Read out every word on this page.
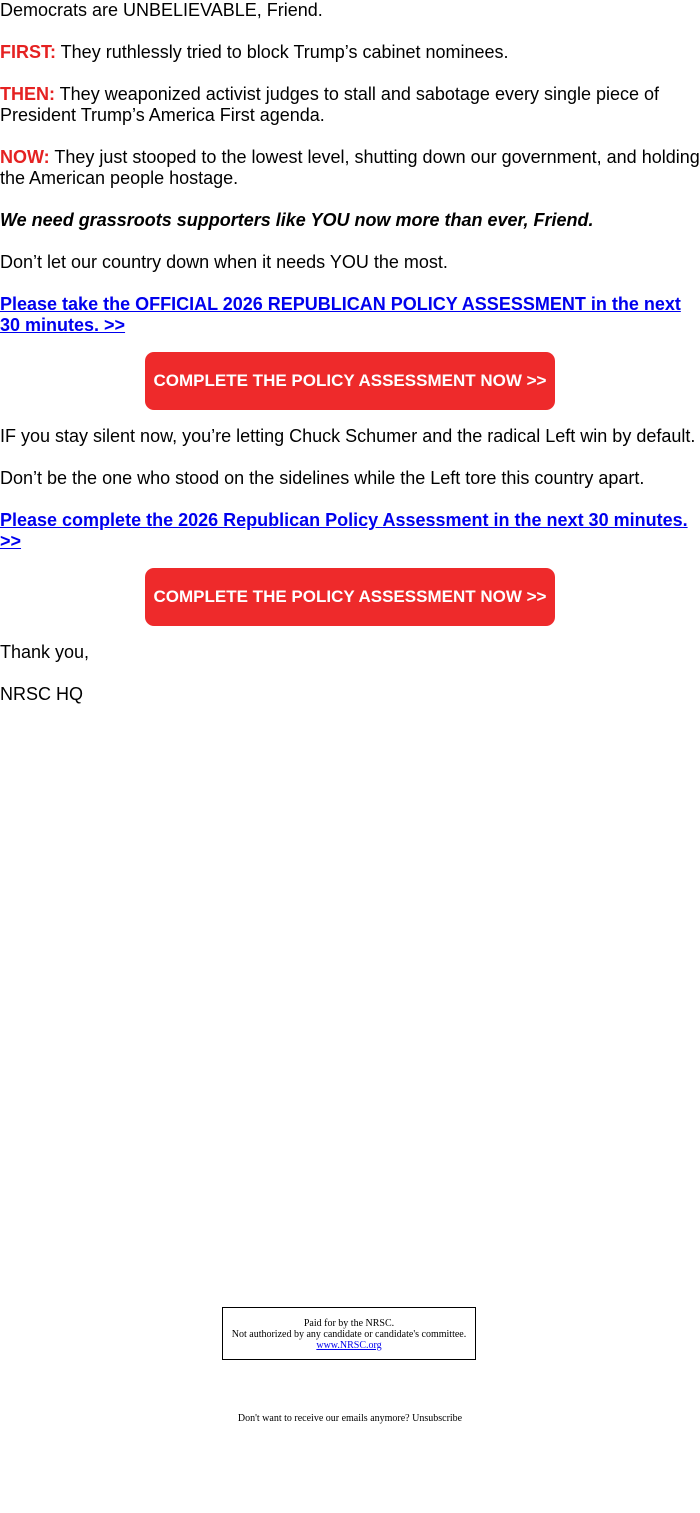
Democrats are UNBELIEVABLE, Friend.

FIRST: They ruthlessly tried to block Trump’s cabinet nominees.

THEN: They weaponized activist judges to stall and sabotage every single piece of President Trump’s America First agenda.

NOW: They just stooped to the lowest level, shutting down our government, and holding the American people hostage.

We need grassroots supporters like YOU now more than ever, Friend.

Don’t let our country down when it needs YOU the most.

Please take the OFFICIAL 2026 REPUBLICAN POLICY ASSESSMENT in the next 30 minutes. >>

COMPLETE THE POLICY ASSESSMENT NOW >>

IF you stay silent now, you’re letting Chuck Schumer and the radical Left win by default.

Don’t be the one who stood on the sidelines while the Left tore this country apart.

Please complete the 2026 Republican Policy Assessment in the next 30 minutes. >>

COMPLETE THE POLICY ASSESSMENT NOW >>

Thank you,

NRSC HQ

Paid for by the NRSC.
Not authorized by any candidate or candidate's committee.
www.NRSC.org
Don't want to receive our emails anymore? Unsubscribe
